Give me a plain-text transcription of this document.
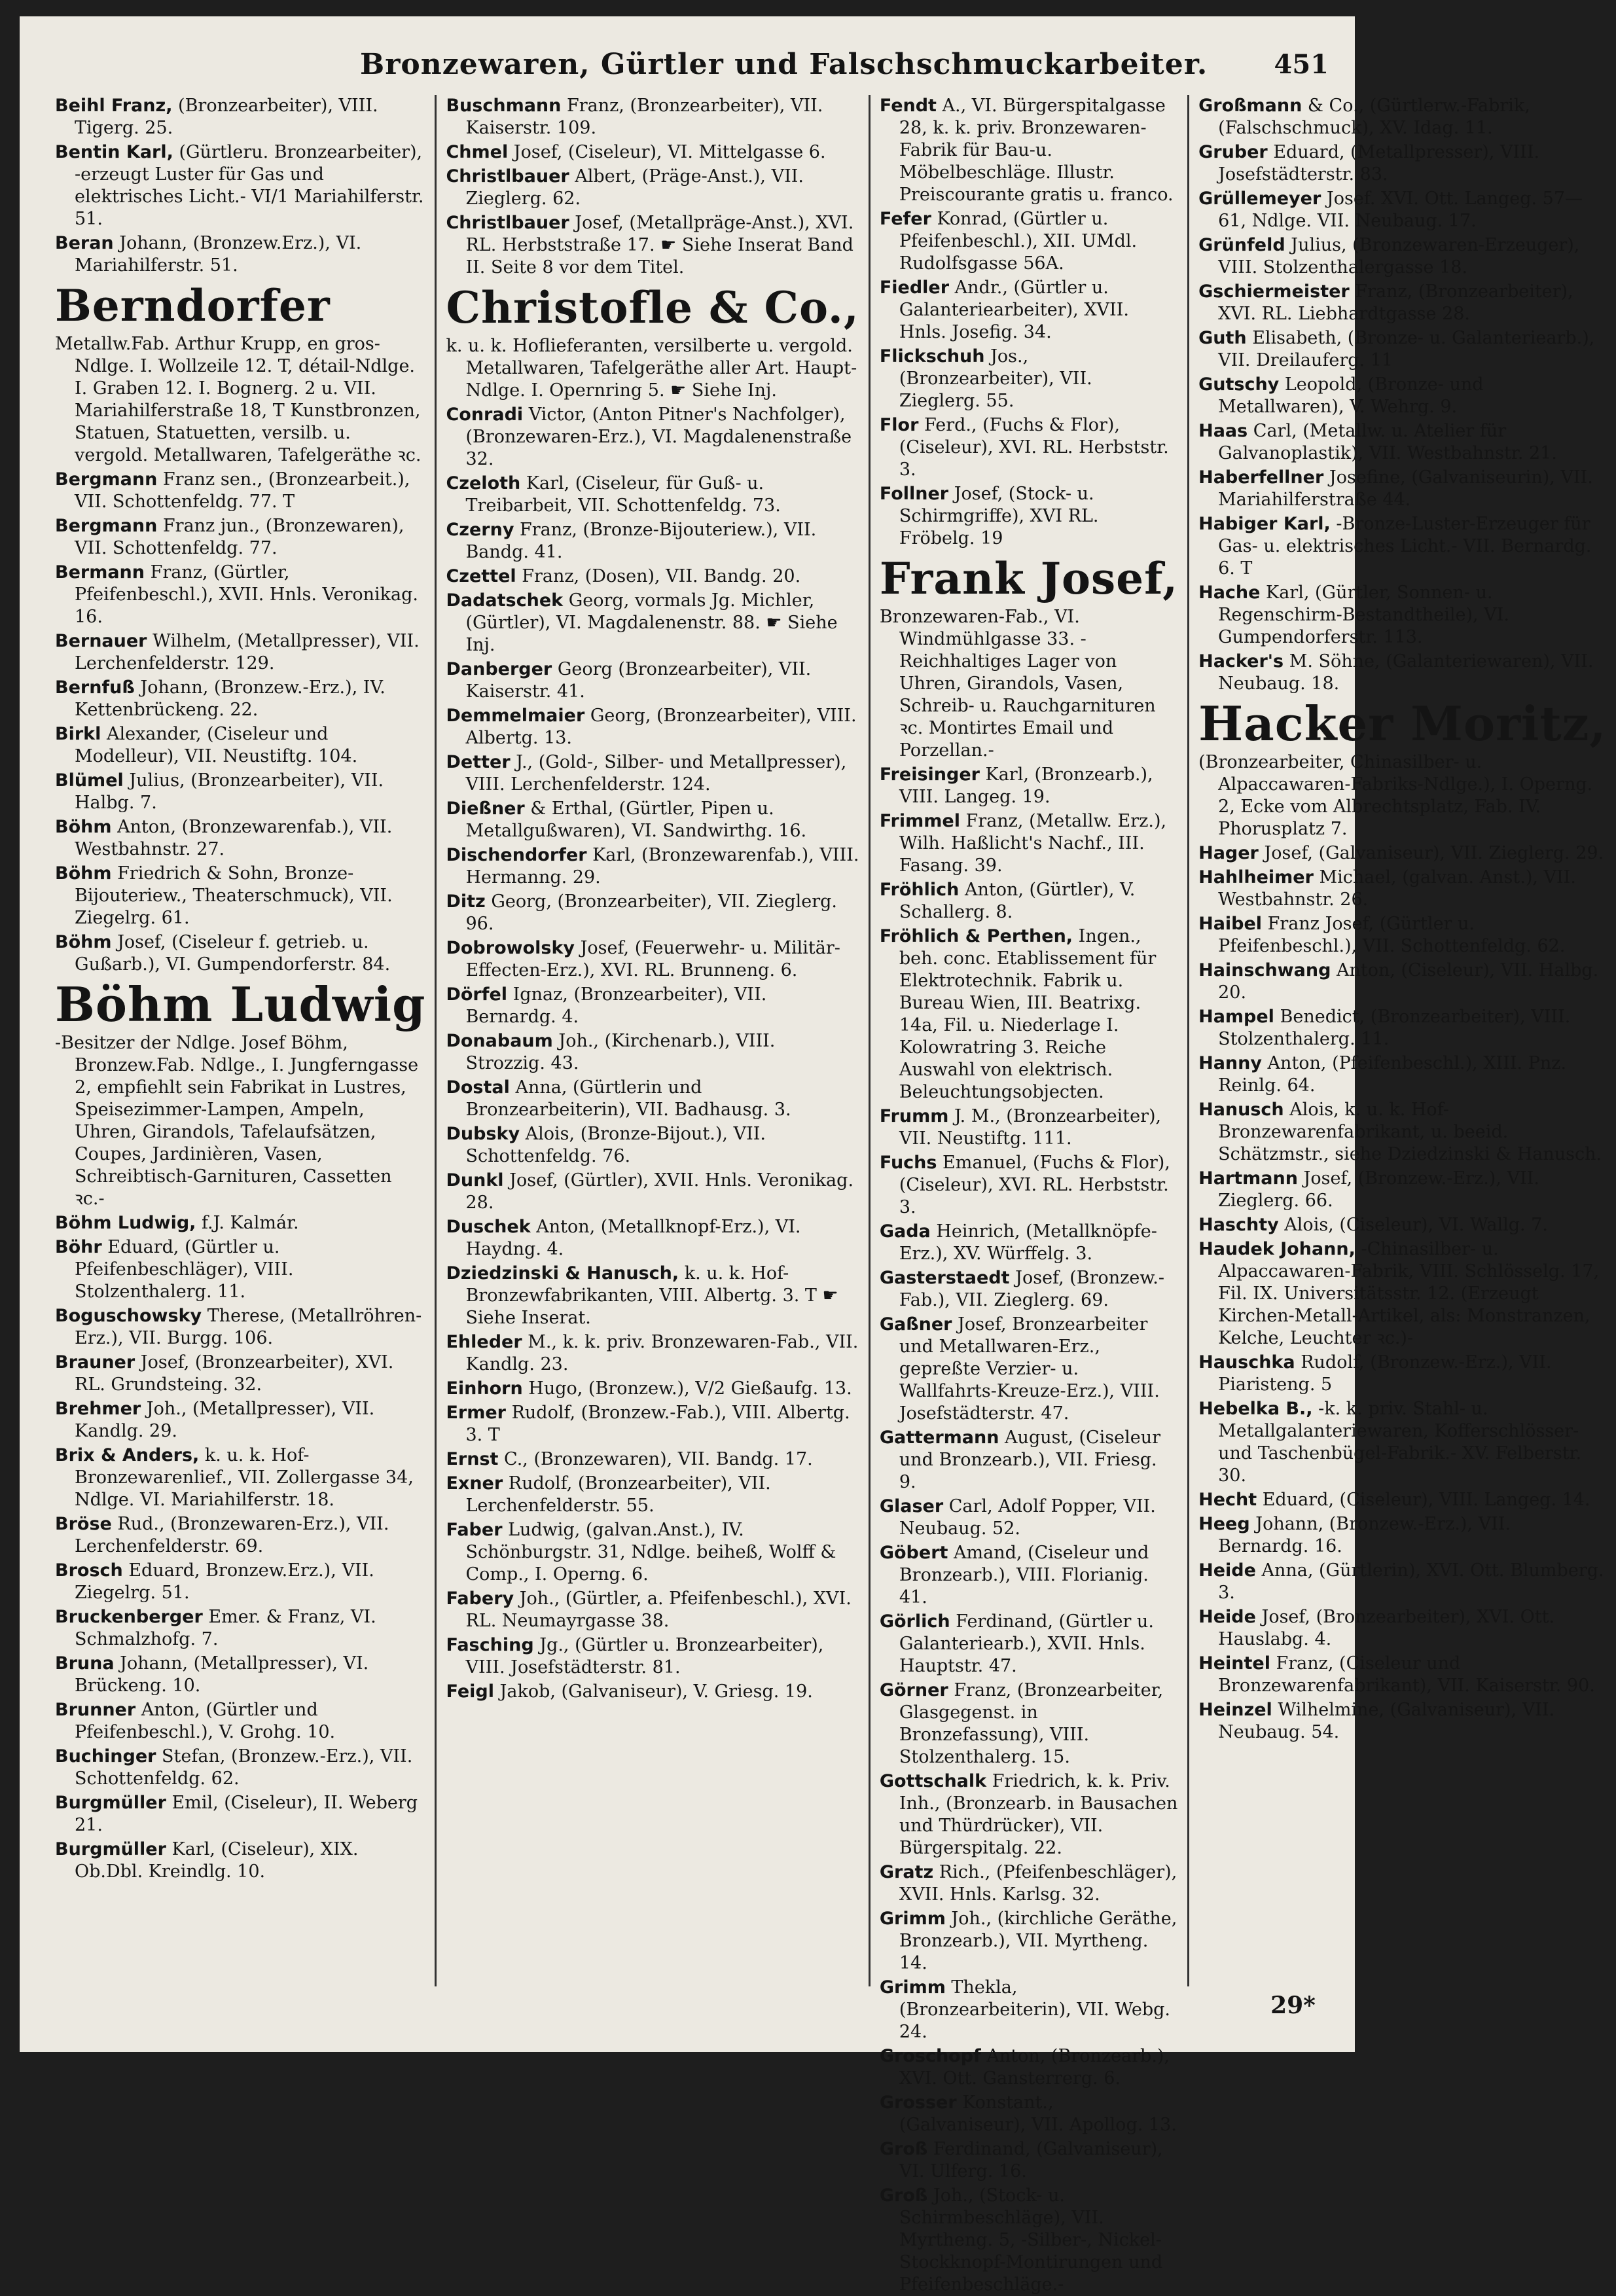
Bronzewaren, Gürtler und Falschschmuckarbeiter.	451
Beihl Franz, (Bronzearbeiter), VIII. Tigerg. 25.
Bentin Karl, (Gürtleru. Bronzearbeiter), -erzeugt Luster für Gas und elektrisches Licht.- VI/1 Mariahilferstr. 51.
Beran Johann, (Bronzew.Erz.), VI. Mariahilferstr. 51.
Berndorfer
Metallw.Fab. Arthur Krupp, en gros-Ndlge. I. Wollzeile 12. T, détail-Ndlge. I. Graben 12. I. Bognerg. 2 u. VII. Mariahilferstraße 18, T Kunstbronzen, Statuen, Statuetten, versilb. u. vergold. Metallwaren, Tafelgeräthe ꝛc.
Bergmann Franz sen., (Bronzearbeit.), VII. Schottenfeldg. 77. T
Bergmann Franz jun., (Bronzewaren), VII. Schottenfeldg. 77.
Bermann Franz, (Gürtler, Pfeifenbeschl.), XVII. Hnls. Veronikag. 16.
Bernauer Wilhelm, (Metallpresser), VII. Lerchenfelderstr. 129.
Bernfuß Johann, (Bronzew.-Erz.), IV. Kettenbrückeng. 22.
Birkl Alexander, (Ciseleur und Modelleur), VII. Neustiftg. 104.
Blümel Julius, (Bronzearbeiter), VII. Halbg. 7.
Böhm Anton, (Bronzewarenfab.), VII. Westbahnstr. 27.
Böhm Friedrich & Sohn, Bronze-Bijouteriew., Theaterschmuck), VII. Ziegelrg. 61.
Böhm Josef, (Ciseleur f. getrieb. u. Gußarb.), VI. Gumpendorferstr. 84.
Böhm Ludwig
-Besitzer der Ndlge. Josef Böhm, Bronzew.Fab. Ndlge., I. Jungferngasse 2, empfiehlt sein Fabrikat in Lustres, Speisezimmer-Lampen, Ampeln, Uhren, Girandols, Tafelaufsätzen, Coupes, Jardinièren, Vasen, Schreibtisch-Garnituren, Cassetten ꝛc.-
Böhm Ludwig, f.J. Kalmár.
Böhr Eduard, (Gürtler u. Pfeifenbeschläger), VIII. Stolzenthalerg. 11.
Boguschowsky Therese, (Metallröhren-Erz.), VII. Burgg. 106.
Brauner Josef, (Bronzearbeiter), XVI. RL. Grundsteing. 32.
Brehmer Joh., (Metallpresser), VII. Kandlg. 29.
Brix & Anders, k. u. k. Hof-Bronzewarenlief., VII. Zollergasse 34, Ndlge. VI. Mariahilferstr. 18.
Bröse Rud., (Bronzewaren-Erz.), VII. Lerchenfelderstr. 69.
Brosch Eduard, Bronzew.Erz.), VII. Ziegelrg. 51.
Bruckenberger Emer. & Franz, VI. Schmalzhofg. 7.
Bruna Johann, (Metallpresser), VI. Brückeng. 10.
Brunner Anton, (Gürtler und Pfeifenbeschl.), V. Grohg. 10.
Buchinger Stefan, (Bronzew.-Erz.), VII. Schottenfeldg. 62.
Burgmüller Emil, (Ciseleur), II. Weberg 21.
Burgmüller Karl, (Ciseleur), XIX. Ob.Dbl. Kreindlg. 10.
Buschmann Franz, (Bronzearbeiter), VII. Kaiserstr. 109.
Chmel Josef, (Ciseleur), VI. Mittelgasse 6.
Christlbauer Albert, (Präge-Anst.), VII. Zieglerg. 62.
Christlbauer Josef, (Metallpräge-Anst.), XVI. RL. Herbststraße 17. ☛ Siehe Inserat Band II. Seite 8 vor dem Titel.
Christofle & Co.,
k. u. k. Hoflieferanten, versilberte u. vergold. Metallwaren, Tafelgeräthe aller Art. Haupt-Ndlge. I. Opernring 5. ☛ Siehe Inj.
Conradi Victor, (Anton Pitner's Nachfolger), (Bronzewaren-Erz.), VI. Magdalenenstraße 32.
Czeloth Karl, (Ciseleur, für Guß- u. Treibarbeit, VII. Schottenfeldg. 73.
Czerny Franz, (Bronze-Bijouteriew.), VII. Bandg. 41.
Czettel Franz, (Dosen), VII. Bandg. 20.
Dadatschek Georg, vormals Jg. Michler, (Gürtler), VI. Magdalenenstr. 88. ☛ Siehe Inj.
Danberger Georg (Bronzearbeiter), VII. Kaiserstr. 41.
Demmelmaier Georg, (Bronzearbeiter), VIII. Albertg. 13.
Detter J., (Gold-, Silber- und Metallpresser), VIII. Lerchenfelderstr. 124.
Dießner & Erthal, (Gürtler, Pipen u. Metallgußwaren), VI. Sandwirthg. 16.
Dischendorfer Karl, (Bronzewarenfab.), VIII. Hermanng. 29.
Ditz Georg, (Bronzearbeiter), VII. Zieglerg. 96.
Dobrowolsky Josef, (Feuerwehr- u. Militär-Effecten-Erz.), XVI. RL. Brunneng. 6.
Dörfel Ignaz, (Bronzearbeiter), VII. Bernardg. 4.
Donabaum Joh., (Kirchenarb.), VIII. Strozzig. 43.
Dostal Anna, (Gürtlerin und Bronzearbeiterin), VII. Badhausg. 3.
Dubsky Alois, (Bronze-Bijout.), VII. Schottenfeldg. 76.
Dunkl Josef, (Gürtler), XVII. Hnls. Veronikag. 28.
Duschek Anton, (Metallknopf-Erz.), VI. Haydng. 4.
Dziedzinski & Hanusch, k. u. k. Hof-Bronzewfabrikanten, VIII. Albertg. 3. T ☛ Siehe Inserat.
Ehleder M., k. k. priv. Bronzewaren-Fab., VII. Kandlg. 23.
Einhorn Hugo, (Bronzew.), V/2 Gießaufg. 13.
Ermer Rudolf, (Bronzew.-Fab.), VIII. Albertg. 3. T
Ernst C., (Bronzewaren), VII. Bandg. 17.
Exner Rudolf, (Bronzearbeiter), VII. Lerchenfelderstr. 55.
Faber Ludwig, (galvan.Anst.), IV. Schönburgstr. 31, Ndlge. beiheß, Wolff & Comp., I. Operng. 6.
Fabery Joh., (Gürtler, a. Pfeifenbeschl.), XVI. RL. Neumayrgasse 38.
Fasching Jg., (Gürtler u. Bronzearbeiter), VIII. Josefstädterstr. 81.
Feigl Jakob, (Galvaniseur), V. Griesg. 19.
Fendt A., VI. Bürgerspitalgasse 28, k. k. priv. Bronzewaren-Fabrik für Bau-u. Möbelbeschläge. Illustr. Preiscourante gratis u. franco.
Fefer Konrad, (Gürtler u. Pfeifenbeschl.), XII. UMdl. Rudolfsgasse 56A.
Fiedler Andr., (Gürtler u. Galanteriearbeiter), XVII. Hnls. Josefig. 34.
Flickschuh Jos., (Bronzearbeiter), VII. Zieglerg. 55.
Flor Ferd., (Fuchs & Flor), (Ciseleur), XVI. RL. Herbststr. 3.
Follner Josef, (Stock- u. Schirmgriffe), XVI RL. Fröbelg. 19
Frank Josef,
Bronzewaren-Fab., VI. Windmühlgasse 33. -Reichhaltiges Lager von Uhren, Girandols, Vasen, Schreib- u. Rauchgarnituren ꝛc. Montirtes Email und Porzellan.-
Freisinger Karl, (Bronzearb.), VIII. Langeg. 19.
Frimmel Franz, (Metallw. Erz.), Wilh. Haßlicht's Nachf., III. Fasang. 39.
Fröhlich Anton, (Gürtler), V. Schallerg. 8.
Fröhlich & Perthen, Ingen., beh. conc. Etablissement für Elektrotechnik. Fabrik u. Bureau Wien, III. Beatrixg. 14a, Fil. u. Niederlage I. Kolowratring 3. Reiche Auswahl von elektrisch. Beleuchtungsobjecten.
Frumm J. M., (Bronzearbeiter), VII. Neustiftg. 111.
Fuchs Emanuel, (Fuchs & Flor), (Ciseleur), XVI. RL. Herbststr. 3.
Gada Heinrich, (Metallknöpfe-Erz.), XV. Würffelg. 3.
Gasterstaedt Josef, (Bronzew.-Fab.), VII. Zieglerg. 69.
Gaßner Josef, Bronzearbeiter und Metallwaren-Erz., gepreßte Verzier- u. Wallfahrts-Kreuze-Erz.), VIII. Josefstädterstr. 47.
Gattermann August, (Ciseleur und Bronzearb.), VII. Friesg. 9.
Glaser Carl, Adolf Popper, VII. Neubaug. 52.
Göbert Amand, (Ciseleur und Bronzearb.), VIII. Florianig. 41.
Görlich Ferdinand, (Gürtler u. Galanteriearb.), XVII. Hnls. Hauptstr. 47.
Görner Franz, (Bronzearbeiter, Glasgegenst. in Bronzefassung), VIII. Stolzenthalerg. 15.
Gottschalk Friedrich, k. k. Priv. Inh., (Bronzearb. in Bausachen und Thürdrücker), VII. Bürgerspitalg. 22.
Gratz Rich., (Pfeifenbeschläger), XVII. Hnls. Karlsg. 32.
Grimm Joh., (kirchliche Geräthe, Bronzearb.), VII. Myrtheng. 14.
Grimm Thekla, (Bronzearbeiterin), VII. Webg. 24.
Groschopf Anton, (Bronzearb.), XVI. Ott. Gansterrerg. 6.
Grosser Konstant., (Galvaniseur), VII. Apollog. 13.
Groß Ferdinand, (Galvaniseur), VI. Ulferg. 16.
Groß Joh., (Stock- u. Schirmbeschläge), VII. Myrtheng. 5, -Silber-, Nickel-Stockknopf-Montirungen und Pfeifenbeschläge.-
Großmann & Co., (Gürtlerw.-Fabrik, (Falschschmuck), XV. Idag. 11.
Gruber Eduard, (Metallpresser), VIII. Josefstädterstr. 83.
Grüllemeyer Josef. XVI. Ott. Langeg. 57—61, Ndlge. VII. Neubaug. 17.
Grünfeld Julius, (Bronzewaren-Erzeuger), VIII. Stolzenthalergasse 18.
Gschiermeister Franz, (Bronzearbeiter), XVI. RL. Liebhardtgasse 28.
Guth Elisabeth, (Bronze- u. Galanteriearb.), VII. Dreilauferg. 11
Gutschy Leopold, (Bronze- und Metallwaren), V. Wehrg. 9.
Haas Carl, (Metallw. u. Atelier für Galvanoplastik), VII. Westbahnstr. 21.
Haberfellner Josefine, (Galvaniseurin), VII. Mariahilferstraße 44.
Habiger Karl, -Bronze-Luster-Erzeuger für Gas- u. elektrisches Licht.- VII. Bernardg. 6. T
Hache Karl, (Gürtler, Sonnen- u. Regenschirm-Bestandtheile), VI. Gumpendorferstr. 113.
Hacker's M. Söhne, (Galanteriewaren), VII. Neubaug. 18.
Hacker Moritz,
(Bronzearbeiter, Chinasilber- u. Alpaccawaren-Fabriks-Ndlge.), I. Operng. 2, Ecke vom Albrechtsplatz, Fab. IV. Phorusplatz 7.
Hager Josef, (Galvaniseur), VII. Zieglerg. 29.
Hahlheimer Michael, (galvan. Anst.), VII. Westbahnstr. 26.
Haibel Franz Josef, (Gürtler u. Pfeifenbeschl.), VII. Schottenfeldg. 62.
Hainschwang Anton, (Ciseleur), VII. Halbg. 20.
Hampel Benedict, (Bronzearbeiter), VIII. Stolzenthalerg. 11.
Hanny Anton, (Pfeifenbeschl.), XIII. Pnz. Reinlg. 64.
Hanusch Alois, k. u. k. Hof-Bronzewarenfabrikant, u. beeid. Schätzmstr., siehe Dziedzinski & Hanusch.
Hartmann Josef, (Bronzew.-Erz.), VII. Zieglerg. 66.
Haschty Alois, (Ciseleur), VI. Wallg. 7.
Haudek Johann, -Chinasilber- u. Alpaccawaren-Fabrik, VIII. Schlösselg. 17, Fil. IX. Universitätsstr. 12. (Erzeugt Kirchen-Metall-Artikel, als: Monstranzen, Kelche, Leuchter ꝛc.)-
Hauschka Rudolf, (Bronzew.-Erz.), VII. Piaristeng. 5
Hebelka B., -k. k. priv. Stahl- u. Metallgalanteriewaren, Kofferschlösser- und Taschenbügel-Fabrik.- XV. Felberstr. 30.
Hecht Eduard, (Ciseleur), VIII. Langeg. 14.
Heeg Johann, (Bronzew.-Erz.), VII. Bernardg. 16.
Heide Anna, (Gürtlerin), XVI. Ott. Blumberg. 3.
Heide Josef, (Bronzearbeiter), XVI. Ott. Hauslabg. 4.
Heintel Franz, (Ciseleur und Bronzewarenfabrikant), VII. Kaiserstr. 90.
Heinzel Wilhelmine, (Galvaniseur), VII. Neubaug. 54.
29*
